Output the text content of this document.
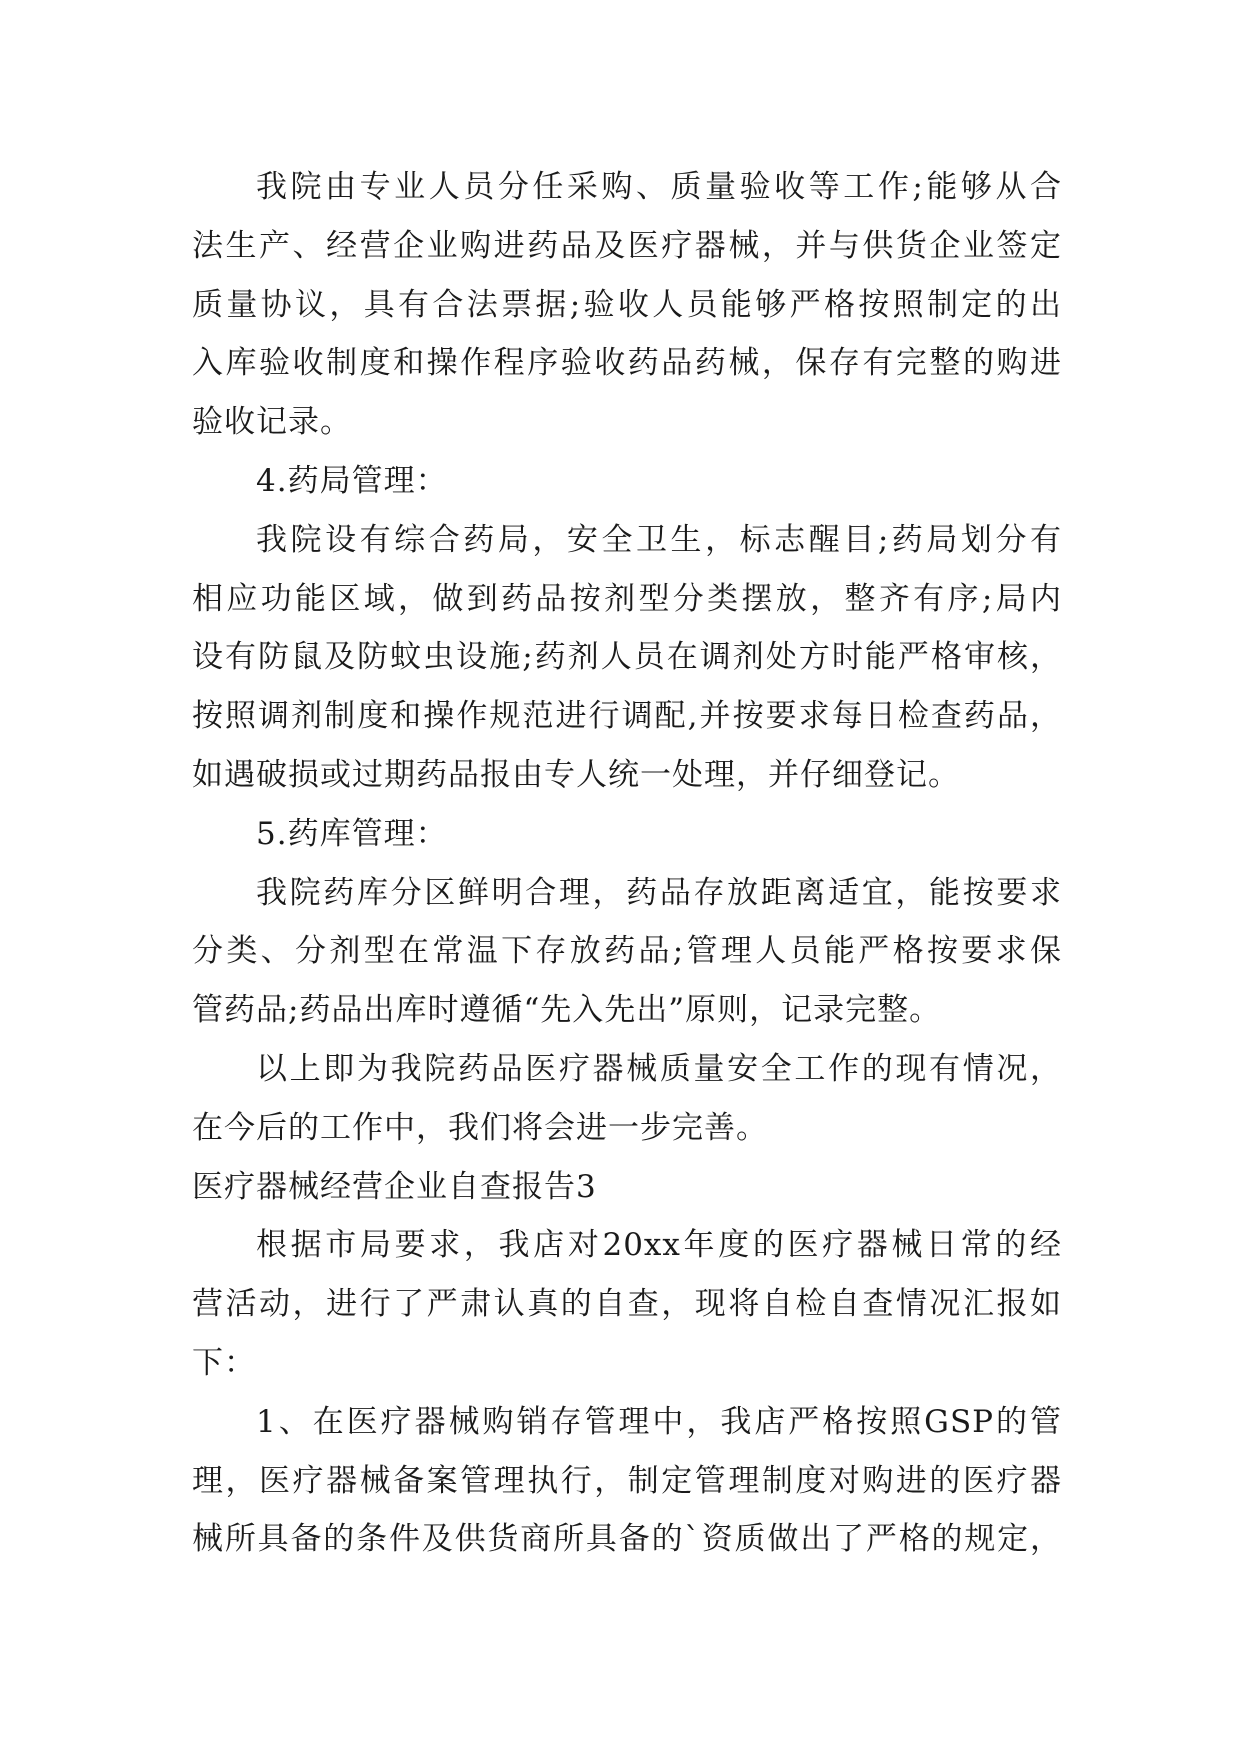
我院由专业人员分任采购、质量验收等工作;能够从合
法生产、经营企业购进药品及医疗器械，并与供货企业签定
质量协议，具有合法票据;验收人员能够严格按照制定的出
入库验收制度和操作程序验收药品药械，保存有完整的购进
验收记录。
4.药局管理：
我院设有综合药局，安全卫生，标志醒目;药局划分有
相应功能区域，做到药品按剂型分类摆放，整齐有序;局内
设有防鼠及防蚊虫设施;药剂人员在调剂处方时能严格审核，
按照调剂制度和操作规范进行调配,并按要求每日检查药品，
如遇破损或过期药品报由专人统一处理，并仔细登记。
5.药库管理：
我院药库分区鲜明合理，药品存放距离适宜，能按要求
分类、分剂型在常温下存放药品;管理人员能严格按要求保
管药品;药品出库时遵循“先入先出”原则，记录完整。
以上即为我院药品医疗器械质量安全工作的现有情况，
在今后的工作中，我们将会进一步完善。
医疗器械经营企业自查报告3
根据市局要求，我店对20xx年度的医疗器械日常的经
营活动，进行了严肃认真的自查，现将自检自查情况汇报如
下：
1、在医疗器械购销存管理中，我店严格按照GSP的管
理，医疗器械备案管理执行，制定管理制度对购进的医疗器
械所具备的条件及供货商所具备的`资质做出了严格的规定，
